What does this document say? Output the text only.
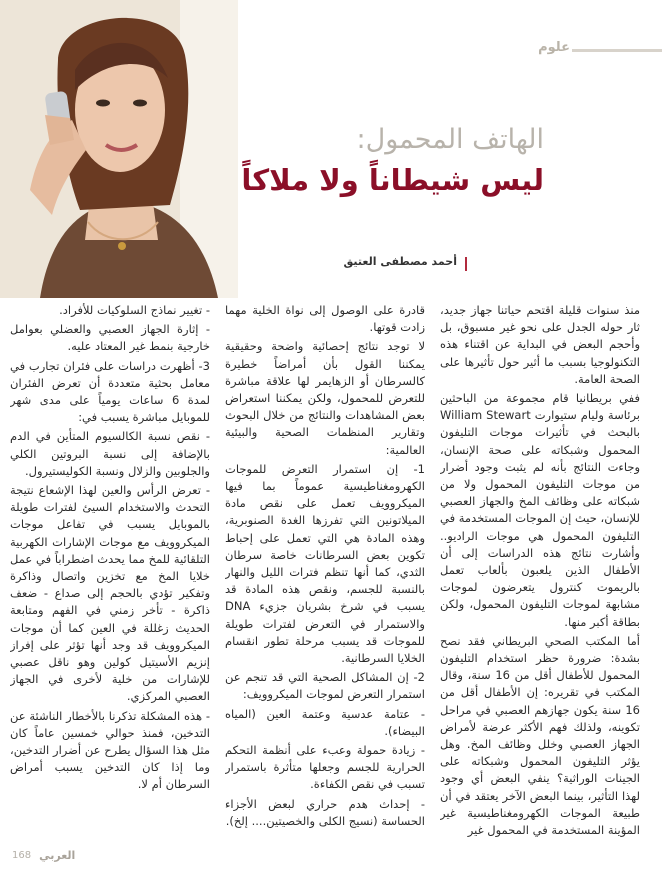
علوم
الهاتف المحمول:
ليس شيطاناً ولا ملاكاً
أحمد مصطفى العتيق

منذ سنوات قليلة اقتحم حياتنا جهاز جديد، ثار حوله الجدل على نحو غير مسبوق، بل وأحجم البعض في البداية عن اقتناء هذه التكنولوجيا بسبب ما أثير حول تأثيرها على الصحة العامة.

ففي بريطانيا قام مجموعة من الباحثين برئاسة وليام ستيوارت William Stewart بالبحث في تأثيرات موجات التليفون المحمول وشبكاته على صحة الإنسان، وجاءت النتائج بأنه لم يثبت وجود أضرار من موجات التليفون المحمول ولا من شبكاته على وظائف المخ والجهاز العصبي للإنسان، حيث إن الموجات المستخدمة في التليفون المحمول هي موجات الراديو.. وأشارت نتائج هذه الدراسات إلى أن الأطفال الذين يلعبون بألعاب تعمل بالريموت كنترول يتعرضون لموجات مشابهة لموجات التليفون المحمول، ولكن بطاقة أكبر منها.

أما المكتب الصحي البريطاني فقد نصح بشدة: ضرورة حظر استخدام التليفون المحمول للأطفال أقل من 16 سنة، وقال المكتب في تقريره: إن الأطفال أقل من 16 سنة يكون جهازهم العصبي في مراحل تكوينه، ولذلك فهم الأكثر عرضة لأمراض الجهاز العصبي وخلل وظائف المخ. وهل يؤثر التليفون المحمول وشبكاته على الجينات الوراثية؟ ينفي البعض أي وجود لهذا التأثير، بينما البعض الآخر يعتقد في أن طبيعة الموجات الكهرومغناطيسية غير المؤينة المستخدمة في المحمول غير

قادرة على الوصول إلى نواة الخلية مهما زادت قوتها.

لا توجد نتائج إحصائية واضحة وحقيقية يمكننا القول بأن أمراضاً خطيرة كالسرطان أو الزهايمر لها علاقة مباشرة للتعرض للمحمول، ولكن يمكننا استعراض بعض المشاهدات والنتائج من خلال البحوث وتقارير المنظمات الصحية والبيئية العالمية:

1- إن استمرار التعرض للموجات الكهرومغناطيسية عموماً بما فيها الميكروويف تعمل على نقص مادة الميلاتونين التي تفرزها الغدة الصنوبرية، وهذه المادة هي التي تعمل على إحباط تكوين بعض السرطانات خاصة سرطان الثدي، كما أنها تنظم فترات الليل والنهار بالنسبة للجسم، ونقص هذه المادة قد يسبب في شرخ بشريان جزيء DNA والاستمرار في التعرض لفترات طويلة للموجات قد يسبب مرحلة تطور انقسام الخلايا السرطانية.

2- إن المشاكل الصحية التي قد تنجم عن استمرار التعرض لموجات الميكروويف:

- عتامة عدسية وعتمة العين (المياه البيضاء).

- زيادة حمولة وعبء على أنظمة التحكم الحرارية للجسم وجعلها متأثرة باستمرار تسبب في نقص الكفاءة.

- إحداث هدم حراري لبعض الأجزاء الحساسة (نسيج الكلى والخصيتين.... إلخ).

- تغيير نماذج السلوكيات للأفراد.

- إثارة الجهاز العصبي والعضلي بعوامل خارجية بنمط غير المعتاد عليه.

3- أظهرت دراسات على فئران تجارب في معامل بحثية متعددة أن تعرض الفئران لمدة 6 ساعات يومياً على مدى شهر للموبايل مباشرة يسبب في:

- نقص نسبة الكالسيوم المتأين في الدم بالإضافة إلى نسبة البروتين الكلي والجلوبين والزلال ونسبة الكوليستيرول.

- تعرض الرأس والعين لهذا الإشعاع نتيجة التحدث والاستخدام السيئ لفترات طويلة بالموبايل يسبب في تفاعل موجات الميكروويف مع موجات الإشارات الكهربية التلقائية للمخ مما يحدث اضطراباً في عمل خلايا المخ مع تخزين واتصال وذاكرة وتفكير تؤدي بالحجم إلى صداع - ضعف ذاكرة - تأخر زمني في الفهم ومتابعة الحديث زغللة في العين كما أن موجات الميكروويف قد وجد أنها تؤثر على إفراز إنزيم الأسيتيل كولين وهو ناقل عصبي للإشارات من خلية لأخرى في الجهاز العصبي المركزي.

- هذه المشكلة تذكرنا بالأخطار الناشئة عن التدخين، فمنذ حوالي خمسين عاماً كان مثل هذا السؤال يطرح عن أضرار التدخين، وما إذا كان التدخين يسبب أمراض السرطان أم لا.

168 العربي
